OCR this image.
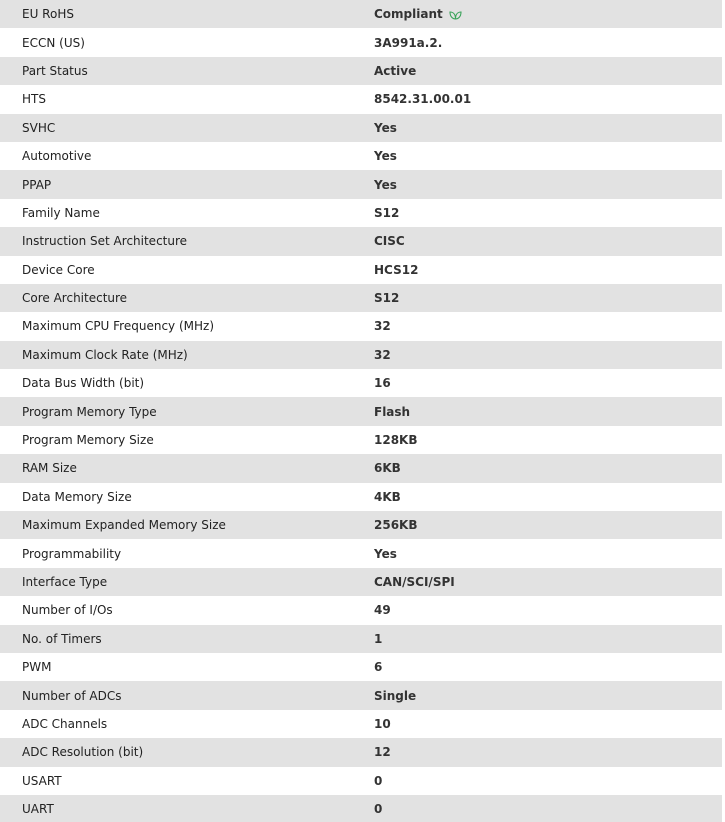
EU RoHS	Compliant
ECCN (US)	3A991a.2.
Part Status	Active
HTS	8542.31.00.01
SVHC	Yes
Automotive	Yes
PPAP	Yes
Family Name	S12
Instruction Set Architecture	CISC
Device Core	HCS12
Core Architecture	S12
Maximum CPU Frequency (MHz)	32
Maximum Clock Rate (MHz)	32
Data Bus Width (bit)	16
Program Memory Type	Flash
Program Memory Size	128KB
RAM Size	6KB
Data Memory Size	4KB
Maximum Expanded Memory Size	256KB
Programmability	Yes
Interface Type	CAN/SCI/SPI
Number of I/Os	49
No. of Timers	1
PWM	6
Number of ADCs	Single
ADC Channels	10
ADC Resolution (bit)	12
USART	0
UART	0
